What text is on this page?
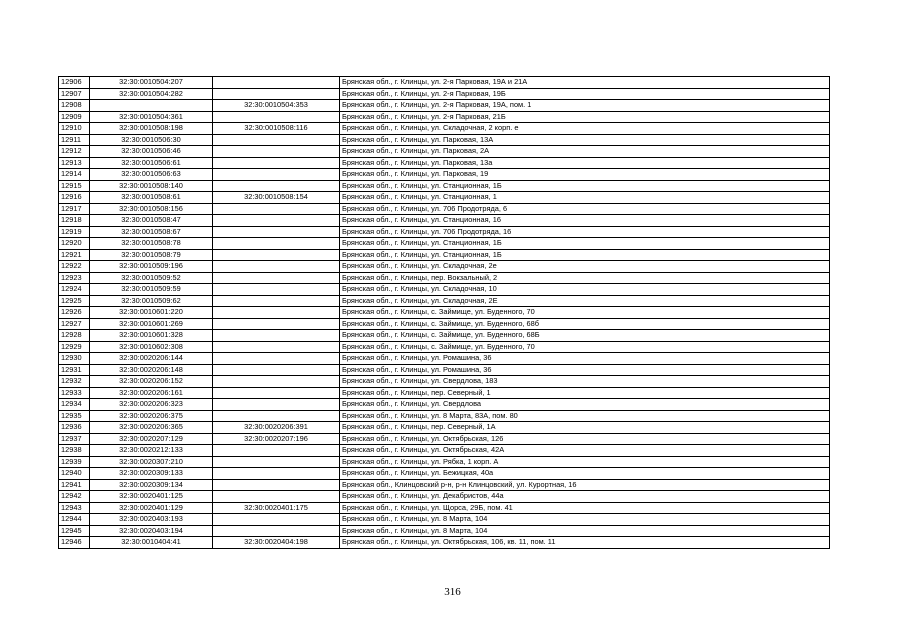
12906	32:30:0010504:207		Брянская обл., г. Клинцы, ул. 2-я Парковая, 19А и 21А
12907	32:30:0010504:282		Брянская обл., г. Клинцы, ул. 2-я Парковая, 19Б
12908		32:30:0010504:353	Брянская обл., г. Клинцы, ул. 2-я Парковая, 19А, пом. 1
12909	32:30:0010504:361		Брянская обл., г. Клинцы, ул. 2-я Парковая, 21Б
12910	32:30:0010508:198	32:30:0010508:116	Брянская обл., г. Клинцы, ул. Складочная, 2 корп. е
12911	32:30:0010506:30		Брянская обл., г. Клинцы, ул. Парковая, 13А
12912	32:30:0010506:46		Брянская обл., г. Клинцы, ул. Парковая, 2А
12913	32:30:0010506:61		Брянская обл., г. Клинцы, ул. Парковая, 13а
12914	32:30:0010506:63		Брянская обл., г. Клинцы, ул. Парковая, 19
12915	32:30:0010508:140		Брянская обл., г. Клинцы, ул. Станционная, 1Б
12916	32:30:0010508:61	32:30:0010508:154	Брянская обл., г. Клинцы, ул. Станционная, 1
12917	32:30:0010508:156		Брянская обл., г. Клинцы, ул. 706 Продотряда, 6
12918	32:30:0010508:47		Брянская обл., г. Клинцы, ул. Станционная, 16
12919	32:30:0010508:67		Брянская обл., г. Клинцы, ул. 706 Продотряда, 16
12920	32:30:0010508:78		Брянская обл., г. Клинцы, ул. Станционная, 1Б
12921	32:30:0010508:79		Брянская обл., г. Клинцы, ул. Станционная, 1Б
12922	32:30:0010509:196		Брянская обл., г. Клинцы, ул. Складочная, 2е
12923	32:30:0010509:52		Брянская обл., г. Клинцы, пер. Вокзальный, 2
12924	32:30:0010509:59		Брянская обл., г. Клинцы, ул. Складочная, 10
12925	32:30:0010509:62		Брянская обл., г. Клинцы, ул. Складочная, 2Е
12926	32:30:0010601:220		Брянская обл., г. Клинцы, с. Займище, ул. Буденного, 70
12927	32:30:0010601:269		Брянская обл., г. Клинцы, с. Займище, ул. Буденного, 68б
12928	32:30:0010601:328		Брянская обл., г. Клинцы, с. Займище, ул. Буденного, 68Б
12929	32:30:0010602:308		Брянская обл., г. Клинцы, с. Займище, ул. Буденного, 70
12930	32:30:0020206:144		Брянская обл., г. Клинцы, ул. Ромашина, 36
12931	32:30:0020206:148		Брянская обл., г. Клинцы, ул. Ромашина, 36
12932	32:30:0020206:152		Брянская обл., г. Клинцы, ул. Свердлова, 183
12933	32:30:0020206:161		Брянская обл., г. Клинцы, пер. Северный, 1
12934	32:30:0020206:323		Брянская обл., г. Клинцы, ул. Свердлова
12935	32:30:0020206:375		Брянская обл., г. Клинцы, ул. 8 Марта, 83А, пом. 80
12936	32:30:0020206:365	32:30:0020206:391	Брянская обл., г. Клинцы, пер. Северный, 1А
12937	32:30:0020207:129	32:30:0020207:196	Брянская обл., г. Клинцы, ул. Октябрьская, 126
12938	32:30:0020212:133		Брянская обл., г. Клинцы, ул. Октябрьская, 42А
12939	32:30:0020307:210		Брянская обл., г. Клинцы, ул. Рябка, 1 корп. А
12940	32:30:0020309:133		Брянская обл., г. Клинцы, ул. Бежицкая, 40а
12941	32:30:0020309:134		Брянская обл., Клинцовский р-н, р-н Клинцовский, ул. Курортная, 16
12942	32:30:0020401:125		Брянская обл., г. Клинцы, ул. Декабристов, 44а
12943	32:30:0020401:129	32:30:0020401:175	Брянская обл., г. Клинцы, ул. Щорса, 29Б, пом. 41
12944	32:30:0020403:193		Брянская обл., г. Клинцы, ул. 8 Марта, 104
12945	32:30:0020403:194		Брянская обл., г. Клинцы, ул. 8 Марта, 104
12946	32:30:0010404:41	32:30:0020404:198	Брянская обл., г. Клинцы, ул. Октябрьская, 106, кв. 11, пом. 11
316
